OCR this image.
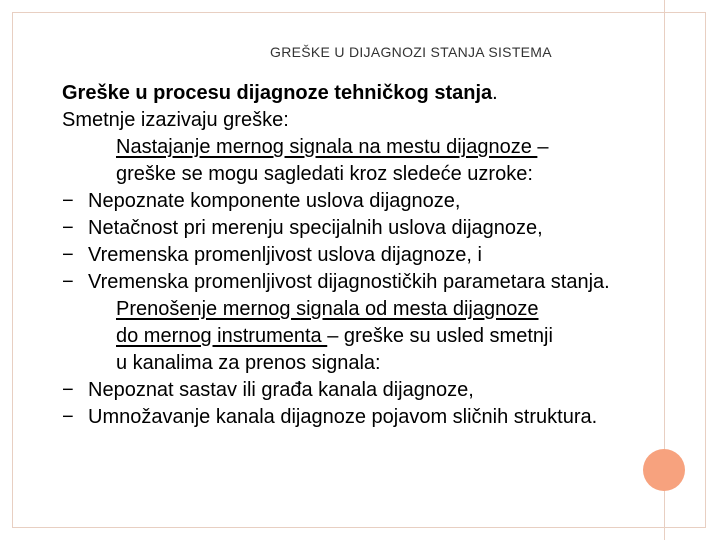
GREŠKE U DIJAGNOZI STANJA SISTEMA

Greške u procesu dijagnoze tehničkog stanja.

Smetnje izazivaju greške:

Nastajanje mernog signala na mestu dijagnoze –

greške se mogu sagledati kroz sledeće uzroke:

− Nepoznate komponente uslova dijagnoze,
− Netačnost pri merenju specijalnih uslova dijagnoze,
− Vremenska promenljivost uslova dijagnoze, i
− Vremenska promenljivost dijagnostičkih parametara stanja.

Prenošenje mernog signala od mesta dijagnoze

do mernog instrumenta – greške su usled smetnji

u kanalima za prenos signala:

− Nepoznat sastav ili građa kanala dijagnoze,
− Umnožavanje kanala dijagnoze pojavom sličnih struktura.
